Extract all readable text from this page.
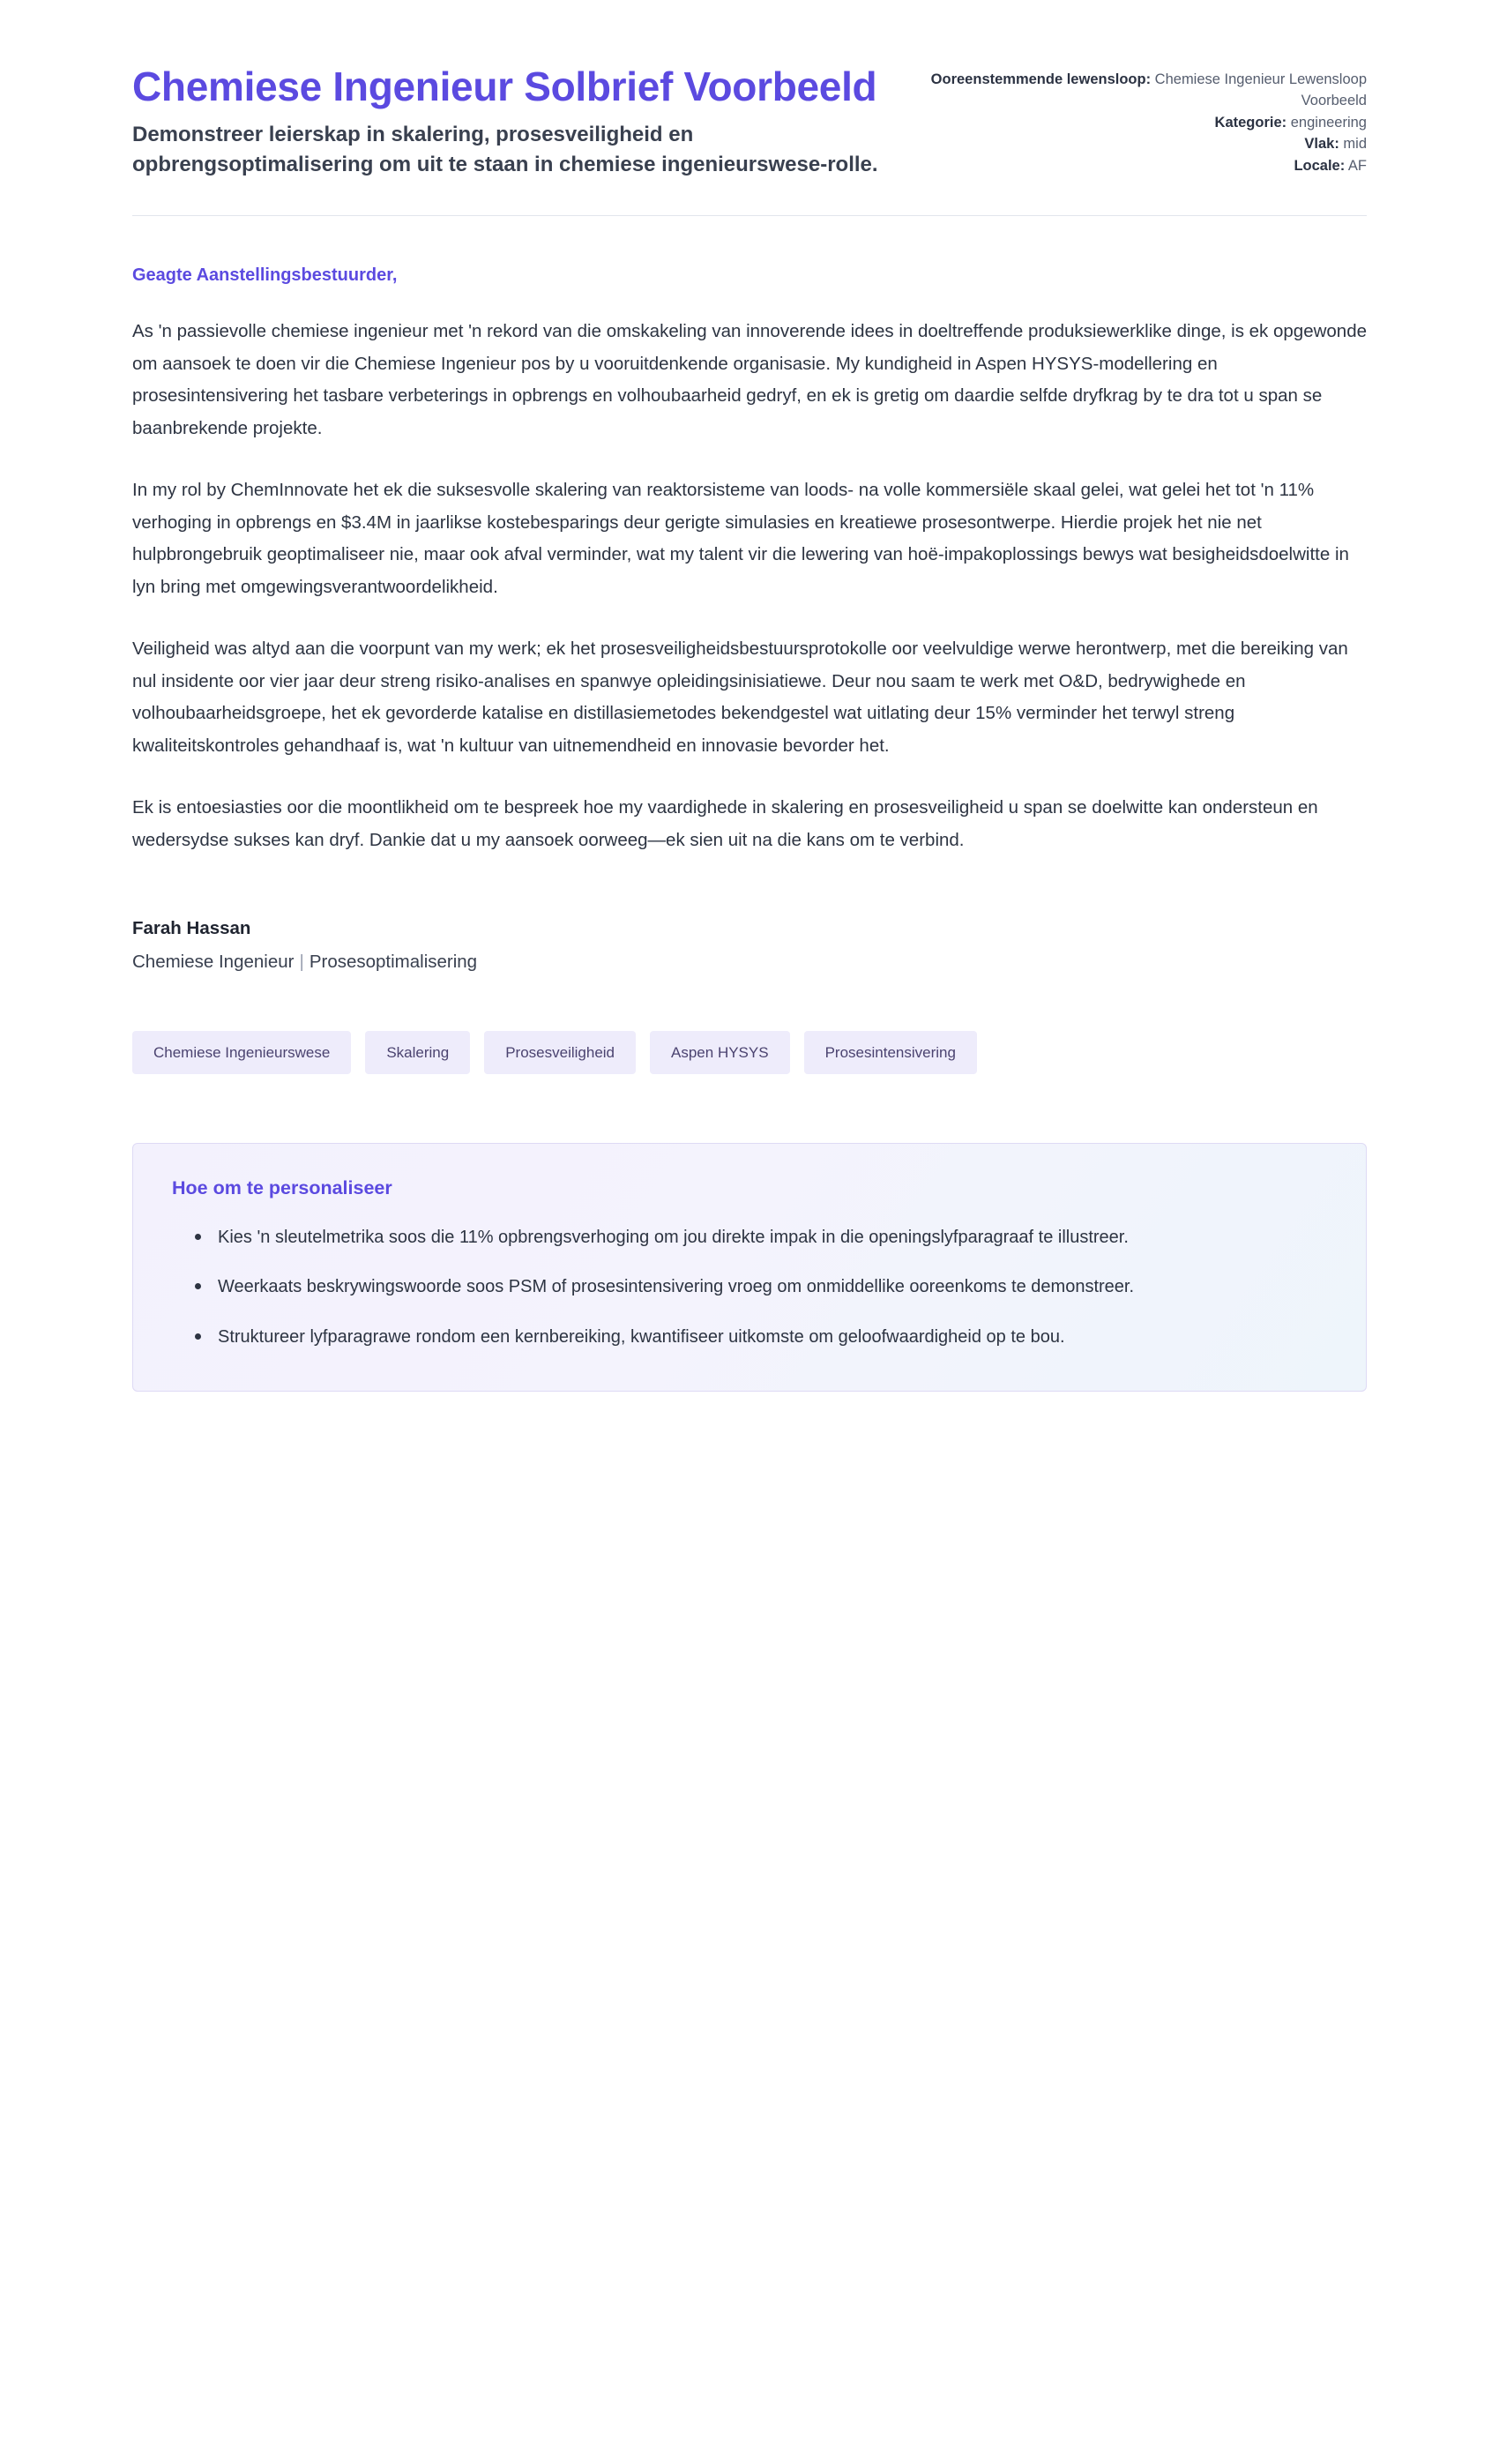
Chemiese Ingenieur Solbrief Voorbeeld

Demonstreer leierskap in skalering, prosesveiligheid en opbrengsoptimalisering om uit te staan in chemiese ingenieurswese-rolle.

Ooreenstemmende lewensloop: Chemiese Ingenieur Lewensloop Voorbeeld
Kategorie: engineering
Vlak: mid
Locale: AF

Geagte Aanstellingsbestuurder,

As 'n passievolle chemiese ingenieur met 'n rekord van die omskakeling van innoverende idees in doeltreffende produksiewerklike dinge, is ek opgewonde om aansoek te doen vir die Chemiese Ingenieur pos by u vooruitdenkende organisasie. My kundigheid in Aspen HYSYS-modellering en prosesintensivering het tasbare verbeterings in opbrengs en volhoubaarheid gedryf, en ek is gretig om daardie selfde dryfkrag by te dra tot u span se baanbrekende projekte.

In my rol by ChemInnovate het ek die suksesvolle skalering van reaktorsisteme van loods- na volle kommersiële skaal gelei, wat gelei het tot 'n 11% verhoging in opbrengs en $3.4M in jaarlikse kostebesparings deur gerigte simulasies en kreatiewe prosesontwerpe. Hierdie projek het nie net hulpbrongebruik geoptimaliseer nie, maar ook afval verminder, wat my talent vir die lewering van hoë-impakoplossings bewys wat besigheidsdoelwitte in lyn bring met omgewingsverantwoordelikheid.

Veiligheid was altyd aan die voorpunt van my werk; ek het prosesveiligheidsbestuursprotokolle oor veelvuldige werwe herontwerp, met die bereiking van nul insidente oor vier jaar deur streng risiko-analises en spanwye opleidingsinisiatiewe. Deur nou saam te werk met O&D, bedrywighede en volhoubaarheidsgroepe, het ek gevorderde katalise en distillasiemetodes bekendgestel wat uitlating deur 15% verminder het terwyl streng kwaliteitskontroles gehandhaaf is, wat 'n kultuur van uitnemendheid en innovasie bevorder het.

Ek is entoesiasties oor die moontlikheid om te bespreek hoe my vaardighede in skalering en prosesveiligheid u span se doelwitte kan ondersteun en wedersydse sukses kan dryf. Dankie dat u my aansoek oorweeg—ek sien uit na die kans om te verbind.

Farah Hassan

Chemiese Ingenieur | Prosesoptimalisering

Chemiese Ingenieurswese	Skalering	Prosesveiligheid	Aspen HYSYS	Prosesintensivering
Hoe om te personaliseer
Kies 'n sleutelmetrika soos die 11% opbrengsverhoging om jou direkte impak in die openingslyfparagraaf te illustreer.
Weerkaats beskrywingswoorde soos PSM of prosesintensivering vroeg om onmiddellike ooreenkoms te demonstreer.
Struktureer lyfparagrawe rondom een kernbereiking, kwantifiseer uitkomste om geloofwaardigheid op te bou.
